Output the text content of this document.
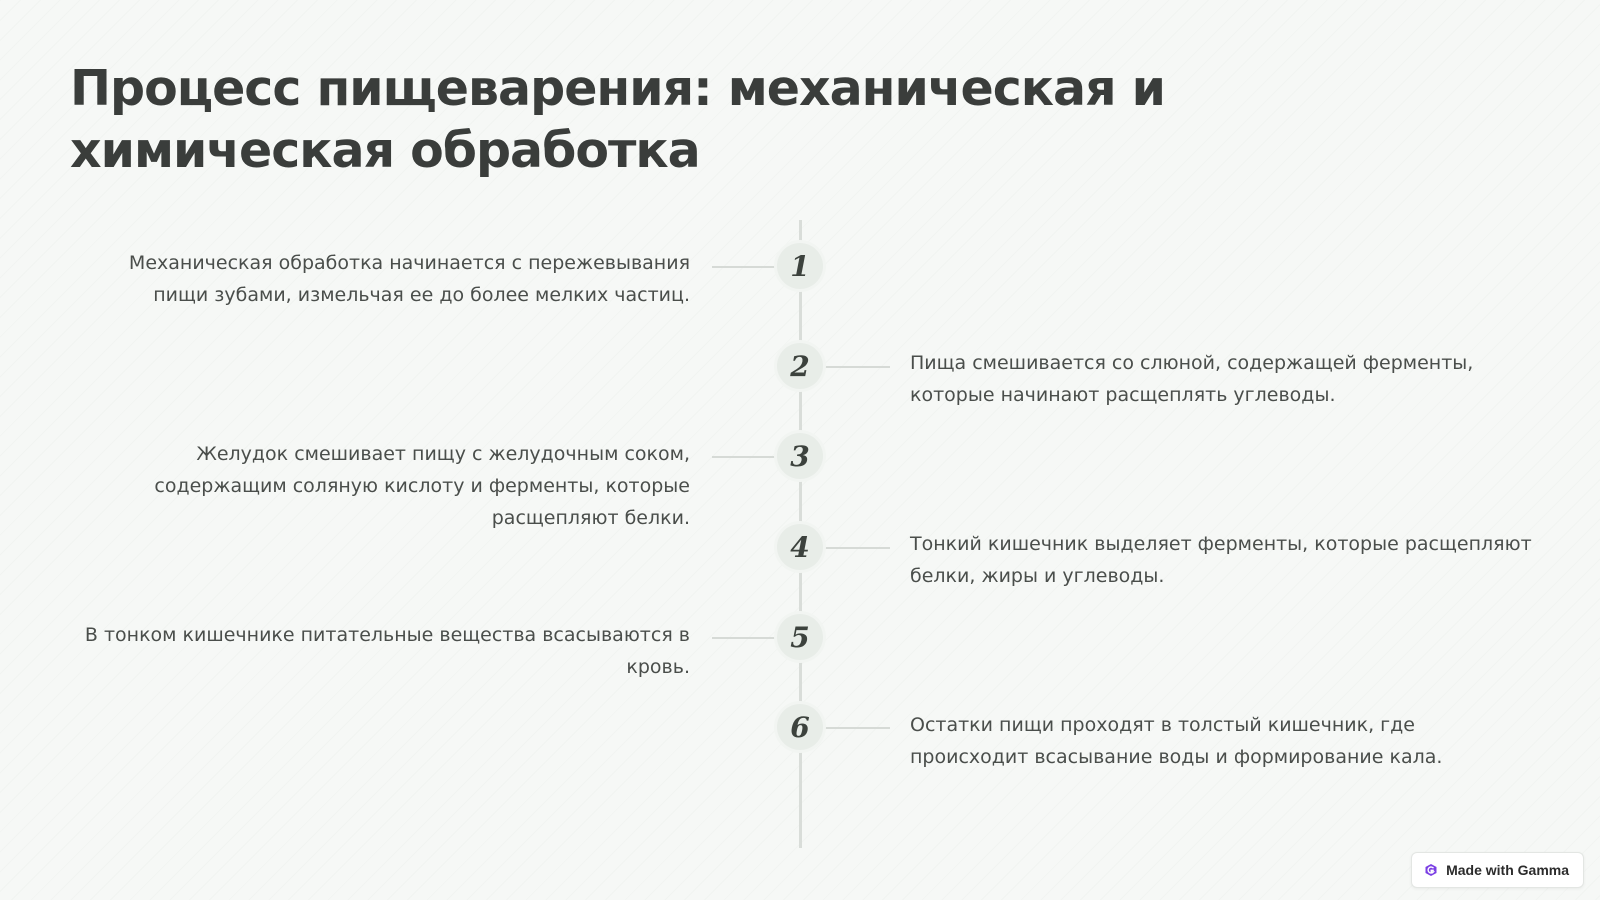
Процесс пищеварения: механическая и химическая обработка
1

Механическая обработка начинается с пережевывания пищи зубами, измельчая ее до более мелких частиц.

2	Пища смешивается со слюной, содержащей ферменты, которые начинают расщеплять углеводы.

3

Желудок смешивает пищу с желудочным соком, содержащим соляную кислоту и ферменты, которые расщепляют белки.

4	Тонкий кишечник выделяет ферменты, которые расщепляют белки, жиры и углеводы.

5

В тонком кишечнике питательные вещества всасываются в кровь.

6	Остатки пищи проходят в толстый кишечник, где происходит всасывание воды и формирование кала.

Made with Gamma
